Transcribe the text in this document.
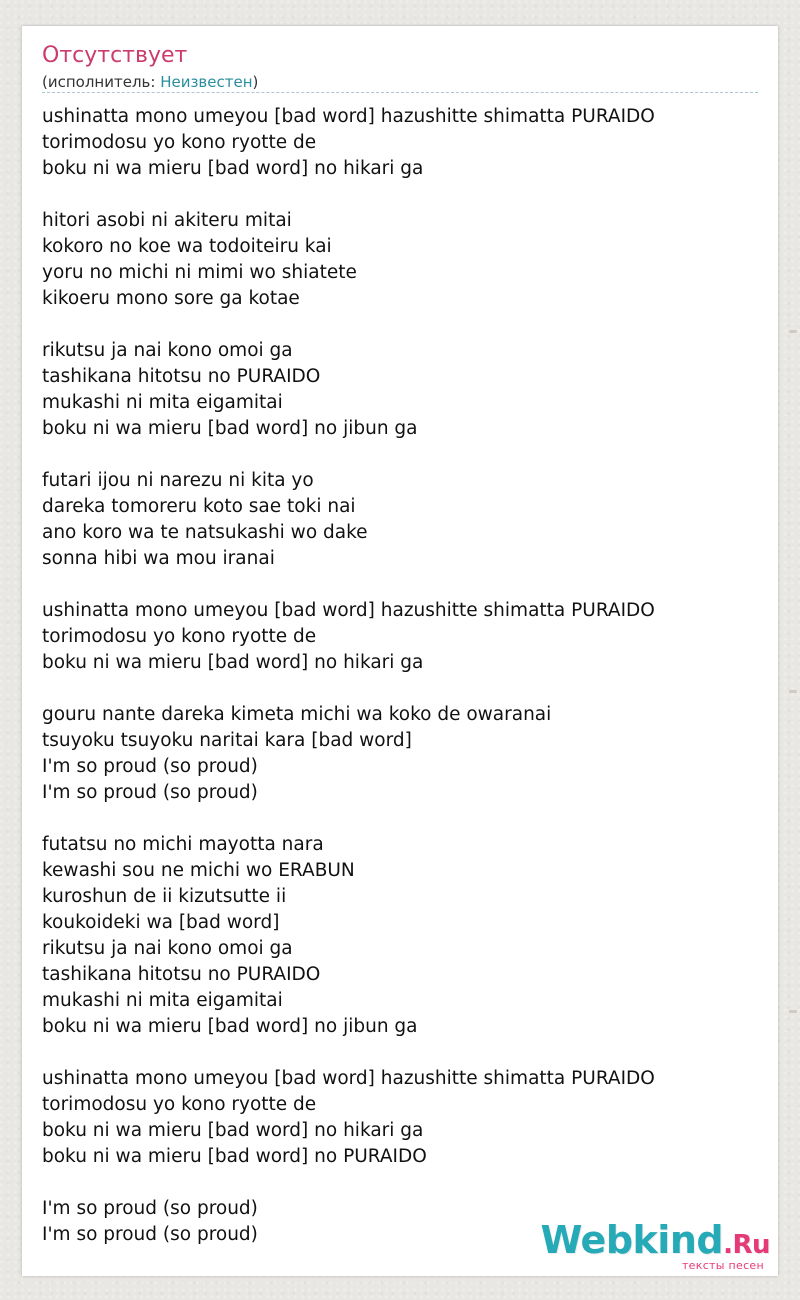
Отсутствует
(исполнитель: Неизвестен)
ushinatta mono umeyou [bad word] hazushitte shimatta PURAIDO
torimodosu yo kono ryotte de
boku ni wa mieru [bad word] no hikari ga
hitori asobi ni akiteru mitai
kokoro no koe wa todoiteiru kai
yoru no michi ni mimi wo shiatete
kikoeru mono sore ga kotae
rikutsu ja nai kono omoi ga
tashikana hitotsu no PURAIDO
mukashi ni mita eigamitai
boku ni wa mieru [bad word] no jibun ga
futari ijou ni narezu ni kita yo
dareka tomoreru koto sae toki nai
ano koro wa te natsukashi wo dake
sonna hibi wa mou iranai
ushinatta mono umeyou [bad word] hazushitte shimatta PURAIDO
torimodosu yo kono ryotte de
boku ni wa mieru [bad word] no hikari ga
gouru nante dareka kimeta michi wa koko de owaranai
tsuyoku tsuyoku naritai kara [bad word]
I'm so proud (so proud)
I'm so proud (so proud)
futatsu no michi mayotta nara
kewashi sou ne michi wo ERABUN
kuroshun de ii kizutsutte ii
koukoideki wa [bad word]
rikutsu ja nai kono omoi ga
tashikana hitotsu no PURAIDO
mukashi ni mita eigamitai
boku ni wa mieru [bad word] no jibun ga
ushinatta mono umeyou [bad word] hazushitte shimatta PURAIDO
torimodosu yo kono ryotte de
boku ni wa mieru [bad word] no hikari ga
boku ni wa mieru [bad word] no PURAIDO
I'm so proud (so proud)
I'm so proud (so proud)	Webkind.Ru
тексты песен
